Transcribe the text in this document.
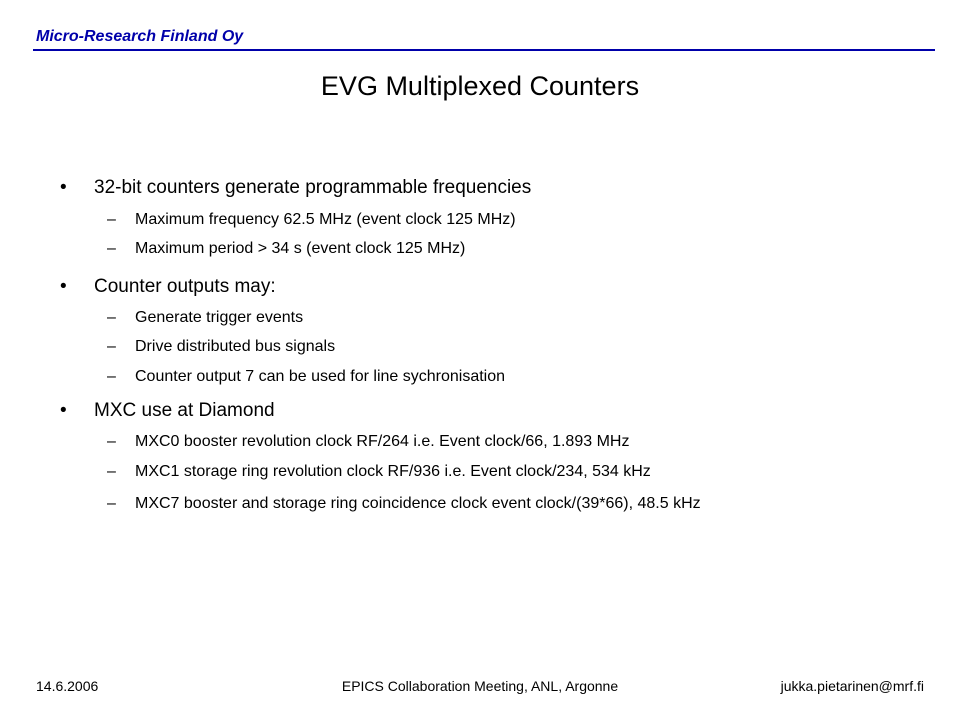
Micro-Research Finland Oy
EVG Multiplexed Counters
• 32-bit counters generate programmable frequencies
– Maximum frequency 62.5 MHz (event clock 125 MHz)
– Maximum period > 34 s (event clock 125 MHz)
• Counter outputs may:
– Generate trigger events
– Drive distributed bus signals
– Counter output 7 can be used for line sychronisation
• MXC use at Diamond
– MXC0 booster revolution clock RF/264 i.e. Event clock/66, 1.893 MHz
– MXC1 storage ring revolution clock RF/936 i.e. Event clock/234, 534 kHz
– MXC7 booster and storage ring coincidence clock event clock/(39*66), 48.5 kHz
14.6.2006	EPICS Collaboration Meeting, ANL, Argonne	jukka.pietarinen@mrf.fi
